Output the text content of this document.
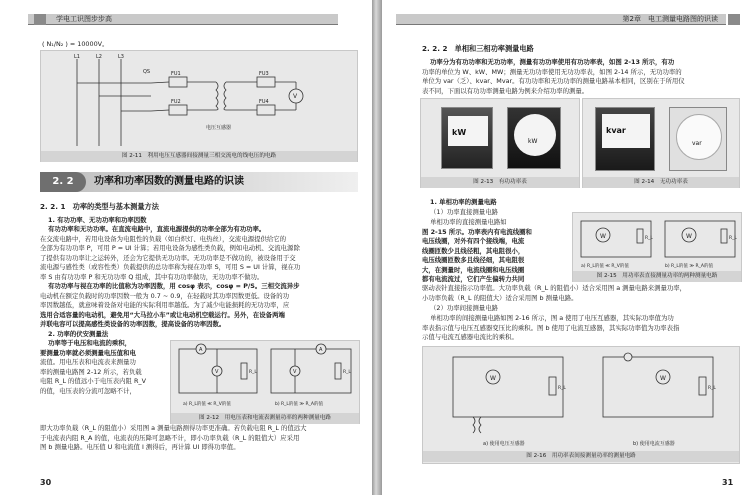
学电工识图步步高
( N₁/N₂ ) = 10000V。
L1	L2	L3
QS	FU1
FU2
FU3
FU4
V
电压互感器
图 2-11　利用电压互感器间接测量三相交流电的线电压的电路
2. 2	功率和功率因数的测量电路的识读
2. 2. 1　功率的类型与基本测量方法
1. 有功功率、无功功率和功率因数
有功功率和无功功率。在直流电路中，直流电源提供的功率全部为有功功率。
在交流电路中，若用电设备为电阻性的负载（如白炽灯、电热丝），交流电源提供给它的
全部为有功功率 P，可用 P = UI 计算；若用电设备为感性类负载，例如电动机、交流电源除
了提供有功功率让之运转外，还会为它提供无功功率。无功功率是不做功的，被设备用于交
流电源与感性类（或容性类）负载提供的总功率称为视在功率 S，可用 S = UI 计算，视在功
率 S 由有功功率 P 和无功功率 Q 组成，其中有功功率做功，无功功率不做功。
有功功率与视在功率的比值称为功率因数，用 cosφ 表示，cosφ = P/S。三相交流异步
电动机在额定负载时的功率因数一般为 0.7 ~ 0.9，在轻载时其功率因数更低。设备的功
率因数越低，就意味着设备对电能的实际利用率越低。为了减少电能损耗的无功功率，应
选用合适容量的电动机，避免用“大马拉小车”或让电动机空载运行。另外，在设备两端
并联电容可以提高感性类设备的功率因数，提高设备的功率因数。
2. 功率的伏安测量法
功率等于电压和电流的乘积，
要测量功率就必须测量电压值和电
流值。用电压表和电流表来测量功
率的测量电路图 2-12 所示，若负载
电阻 R_L 的值远小于电压表内阻 R_V
的值，电压表的分流可忽略不计，
A
V	R_L
A
V	R_L
a) R_L的值 ≪ R_V的值	b) R_L的值 ≫ R_A的值
图 2-12　用电压表和电流表测量功率的两种测量电路
即大功率负载（R_L 的阻值小）采用图 a 测量电路测得功率更准确。若负载电阻 R_L 的值远大
于电流表内阻 R_A 的值，电流表的压降可忽略不计，即小功率负载（R_L 的阻值大）应采用
图 b 测量电路。电压值 U 和电流值 I 测得后，再计算 UI 即得功率值。
30
第2章　电工测量电路图的识读
2. 2. 2　单相和三相功率测量电路
功率分为有功功率和无功功率，测量有功功率使用有功功率表，如图 2-13 所示，有功
功率的单位为 W、kW、MW；测量无功功率使用无功功率表，如图 2-14 所示，无功功率的
单位为 var（乏）、kvar、Mvar。有功功率和无功功率的测量电路基本相同，区别在于所用仪
表不同，下面以有功功率测量电路为例来介绍功率的测量。
kW
kW
图 2-13　有功功率表
kvar
var
图 2-14　无功功率表
1. 单相功率的测量电路
（1）功率直接测量电路
单相功率的直接测量电路如
图 2-15 所示。功率表内有电流线圈和
电压线圈，对外有四个接线端，电流
线圈匝数少且线径粗，其电阻很小，
电压线圈匝数多且线径细，其电阻很
大，在测量时，电流线圈和电压线圈
都有电流流过，它们产生偏转力共同
驱动表针直接指示功率值。大功率负载（R_L 的阻值小）适合采用图 a 测量电路来测量功率，
小功率负载（R_L 的阻值大）适合采用图 b 测量电路。
W	R_L	W	R_L
a) R_L的值 ≪ R_V的值	b) R_L的值 ≫ R_A的值
图 2-15　用功率表直接测量功率的两种测量电路
（2）功率间接测量电路
单相功率的间接测量电路如图 2-16 所示，图 a 使用了电压互感器，其实际功率值为功
率表指示值与电压互感器变压比的乘积。图 b 使用了电流互感器，其实际功率值为功率表指
示值与电流互感器电流比的乘积。
W
R_L
W
R_L
a) 使用电压互感器	b) 使用电流互感器
图 2-16　用功率表间接测量功率的测量电路
31
